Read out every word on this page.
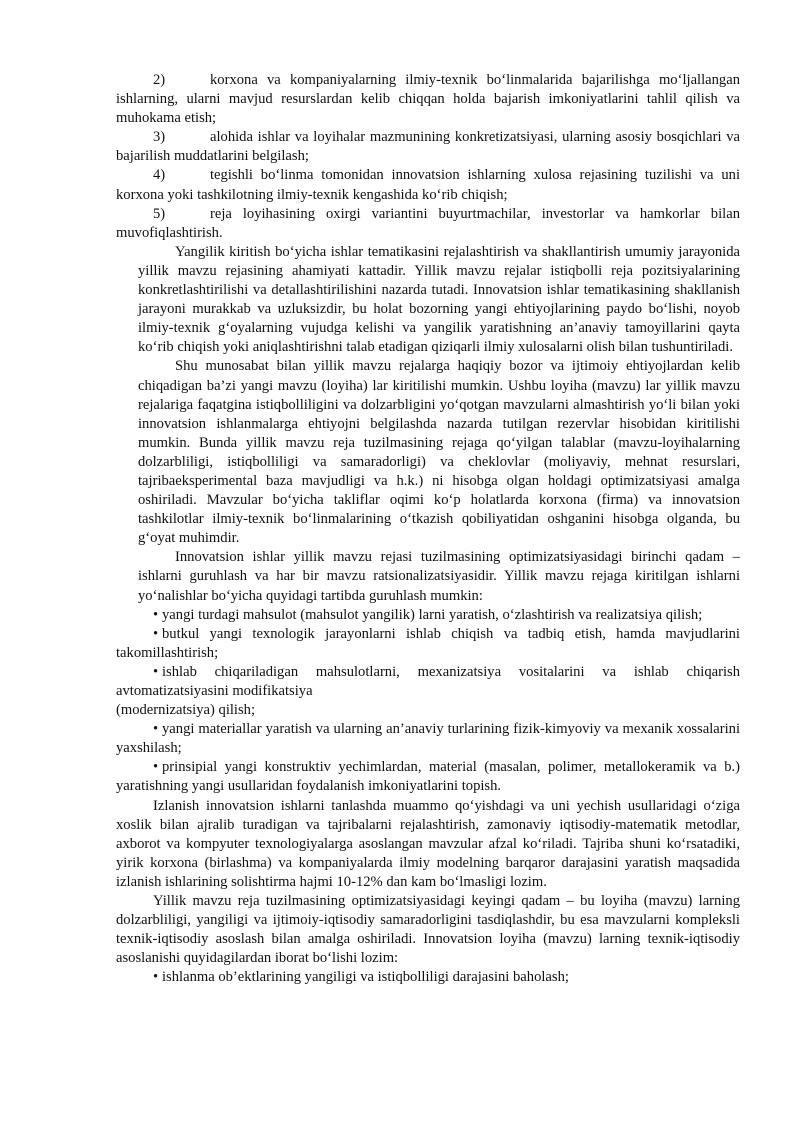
2)	korxona va kompaniyalarning ilmiy-texnik bo‘linmalarida bajarilishga mo‘ljallangan ishlarning, ularni mavjud resurslardan kelib chiqqan holda bajarish imkoniyatlarini tahlil qilish va muhokama etish;

3)	alohida ishlar va loyihalar mazmunining konkretizatsiyasi, ularning asosiy bosqichlari va bajarilish muddatlarini belgilash;

4)	tegishli bo‘linma tomonidan innovatsion ishlarning xulosa rejasining tuzilishi va uni korxona yoki tashkilotning ilmiy-texnik kengashida ko‘rib chiqish;

5)	reja loyihasining oxirgi variantini buyurtmachilar, investorlar va hamkorlar bilan muvofiqlashtirish.

Yangilik kiritish bo‘yicha ishlar tematikasini rejalashtirish va shakllantirish umumiy jarayonida yillik mavzu rejasining ahamiyati kattadir. Yillik mavzu rejalar istiqbolli reja pozitsiyalarining konkretlashtirilishi va detallashtirilishini nazarda tutadi. Innovatsion ishlar tematikasining shakllanish jarayoni murakkab va uzluksizdir, bu holat bozorning yangi ehtiyojlarining paydo bo‘lishi, noyob ilmiy-texnik g‘oyalarning vujudga kelishi va yangilik yaratishning an’anaviy tamoyillarini qayta ko‘rib chiqish yoki aniqlashtirishni talab etadigan qiziqarli ilmiy xulosalarni olish bilan tushuntiriladi.

Shu munosabat bilan yillik mavzu rejalarga haqiqiy bozor va ijtimoiy ehtiyojlardan kelib chiqadigan ba’zi yangi mavzu (loyiha) lar kiritilishi mumkin. Ushbu loyiha (mavzu) lar yillik mavzu rejalariga faqatgina istiqbolliligini va dolzarbligini yo‘qotgan mavzularni almashtirish yo‘li bilan yoki innovatsion ishlanmalarga ehtiyojni belgilashda nazarda tutilgan rezervlar hisobidan kiritilishi mumkin. Bunda yillik mavzu reja tuzilmasining rejaga qo‘yilgan talablar (mavzu-loyihalarning dolzarbliligi, istiqbolliligi va samaradorligi) va cheklovlar (moliyaviy, mehnat resurslari, tajribaeksperimental baza mavjudligi va h.k.) ni hisobga olgan holdagi optimizatsiyasi amalga oshiriladi. Mavzular bo‘yicha takliflar oqimi ko‘p holatlarda korxona (firma) va innovatsion tashkilotlar ilmiy-texnik bo‘linmalarining o‘tkazish qobiliyatidan oshganini hisobga olganda, bu g‘oyat muhimdir.

Innovatsion ishlar yillik mavzu rejasi tuzilmasining optimizatsiyasidagi birinchi qadam – ishlarni guruhlash va har bir mavzu ratsionalizatsiyasidir. Yillik mavzu rejaga kiritilgan ishlarni yo‘nalishlar bo‘yicha quyidagi tartibda guruhlash mumkin:

• yangi turdagi mahsulot (mahsulot yangilik) larni yaratish, o‘zlashtirish va realizatsiya qilish;

• butkul yangi texnologik jarayonlarni ishlab chiqish va tadbiq etish, hamda mavjudlarini takomillashtirish;

• ishlab chiqariladigan mahsulotlarni, mexanizatsiya vositalarini va ishlab chiqarish avtomatizatsiyasini modifikatsiya

(modernizatsiya) qilish;

• yangi materiallar yaratish va ularning an’anaviy turlarining fizik-kimyoviy va mexanik xossalarini yaxshilash;

• prinsipial yangi konstruktiv yechimlardan, material (masalan, polimer, metallokeramik va b.) yaratishning yangi usullaridan foydalanish imkoniyatlarini topish.

Izlanish innovatsion ishlarni tanlashda muammo qo‘yishdagi va uni yechish usullaridagi o‘ziga xoslik bilan ajralib turadigan va tajribalarni rejalashtirish, zamonaviy iqtisodiy-matematik metodlar, axborot va kompyuter texnologiyalarga asoslangan mavzular afzal ko‘riladi. Tajriba shuni ko‘rsatadiki, yirik korxona (birlashma) va kompaniyalarda ilmiy modelning barqaror darajasini yaratish maqsadida izlanish ishlarining solishtirma hajmi 10-12% dan kam bo‘lmasligi lozim.

Yillik mavzu reja tuzilmasining optimizatsiyasidagi keyingi qadam – bu loyiha (mavzu) larning dolzarbliligi, yangiligi va ijtimoiy-iqtisodiy samaradorligini tasdiqlashdir, bu esa mavzularni kompleksli texnik-iqtisodiy asoslash bilan amalga oshiriladi. Innovatsion loyiha (mavzu) larning texnik-iqtisodiy asoslanishi quyidagilardan iborat bo‘lishi lozim:

• ishlanma ob’ektlarining yangiligi va istiqbolliligi darajasini baholash;
